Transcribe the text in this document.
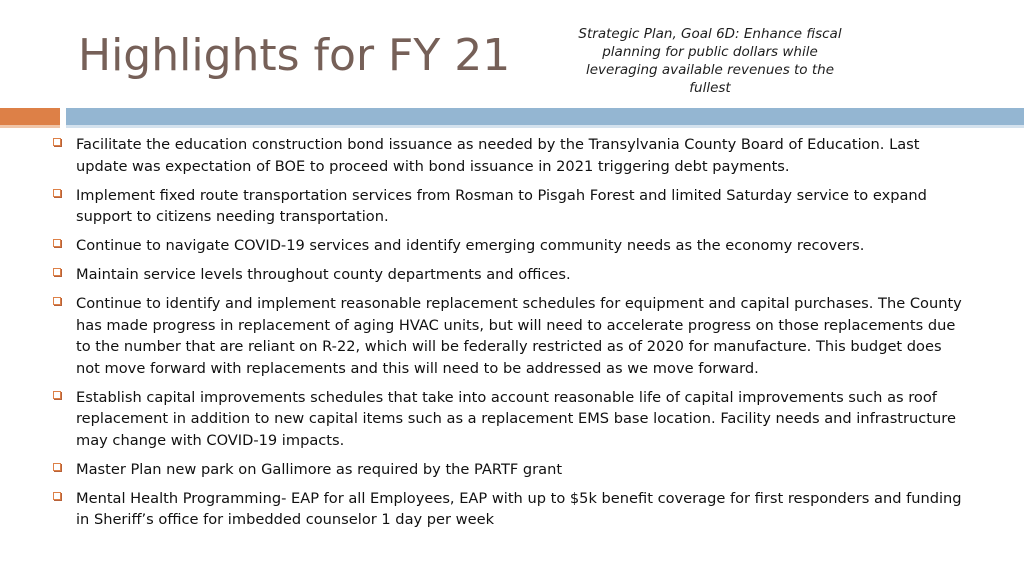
Highlights for FY 21	Strategic Plan, Goal 6D: Enhance fiscal planning for public dollars while leveraging available revenues to the fullest
Facilitate the education construction bond issuance as needed by the Transylvania County Board of Education. Last update was expectation of BOE to proceed with bond issuance in 2021 triggering debt payments.
Implement fixed route transportation services from Rosman to Pisgah Forest and limited Saturday service to expand support to citizens needing transportation.
Continue to navigate COVID-19 services and identify emerging community needs as the economy recovers.
Maintain service levels throughout county departments and offices.
Continue to identify and implement reasonable replacement schedules for equipment and capital purchases. The County has made progress in replacement of aging HVAC units, but will need to accelerate progress on those replacements due to the number that are reliant on R-22, which will be federally restricted as of 2020 for manufacture. This budget does not move forward with replacements and this will need to be addressed as we move forward.
Establish capital improvements schedules that take into account reasonable life of capital improvements such as roof replacement in addition to new capital items such as a replacement EMS base location. Facility needs and infrastructure may change with COVID-19 impacts.
Master Plan new park on Gallimore as required by the PARTF grant
Mental Health Programming- EAP for all Employees, EAP with up to $5k benefit coverage for first responders and funding in Sheriff’s office for imbedded counselor 1 day per week
